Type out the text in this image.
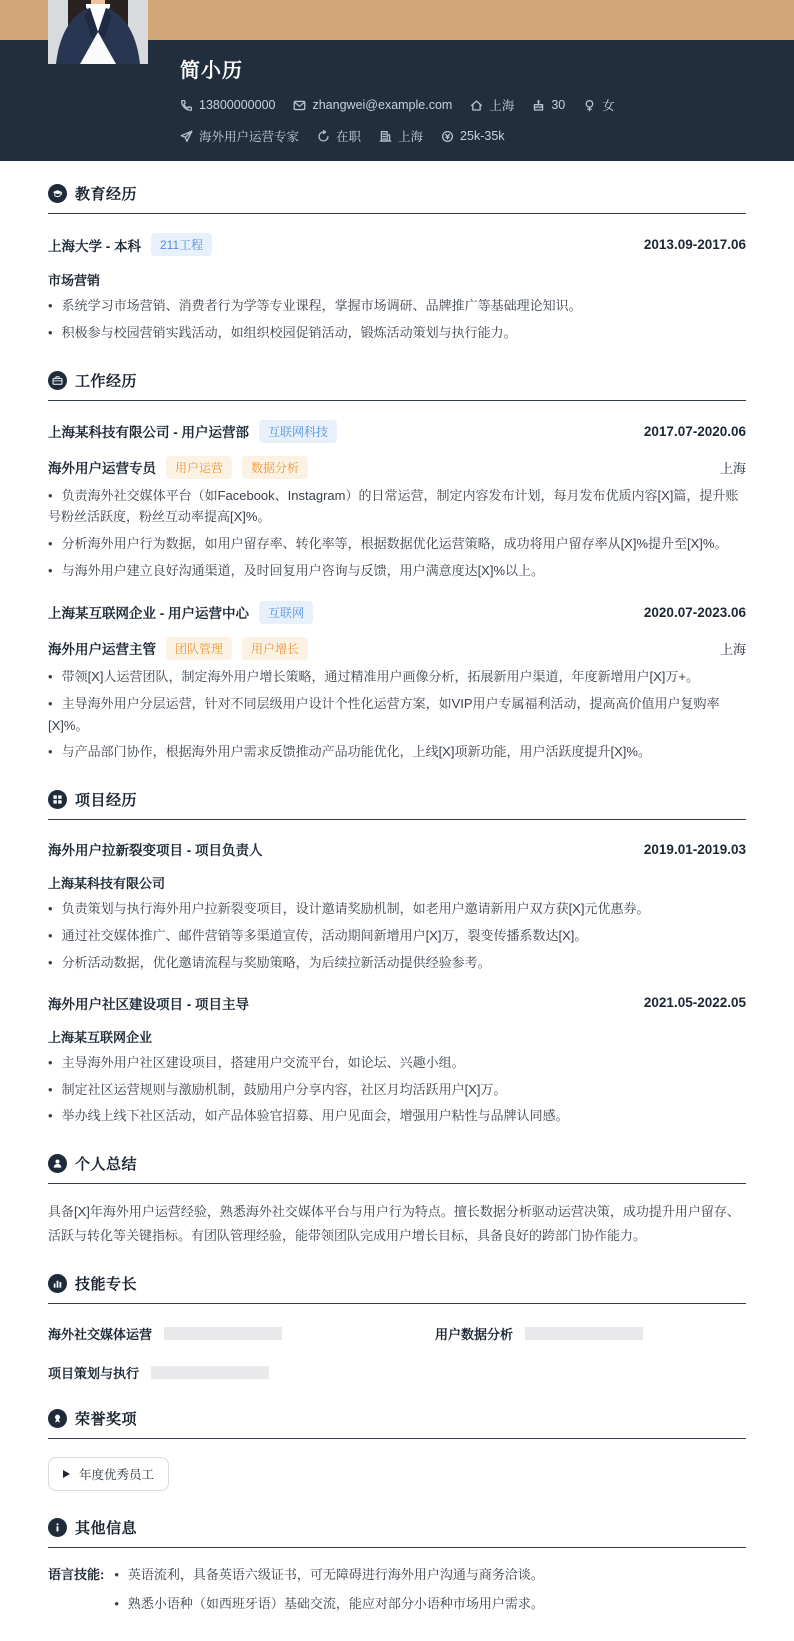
简小历
13800000000	zhangwei@example.com	上海	30	女
海外用户运营专家	在职	上海	25k-35k
教育经历
上海大学 - 本科	211工程	2013.09-2017.06
市场营销
• 系统学习市场营销、消费者行为学等专业课程，掌握市场调研、品牌推广等基础理论知识。
• 积极参与校园营销实践活动，如组织校园促销活动，锻炼活动策划与执行能力。
工作经历
上海某科技有限公司 - 用户运营部	互联网科技	2017.07-2020.06
海外用户运营专员	用户运营	数据分析	上海
• 负责海外社交媒体平台（如Facebook、Instagram）的日常运营，制定内容发布计划，每月发布优质内容[X]篇，提升账号粉丝活跃度，粉丝互动率提高[X]%。
• 分析海外用户行为数据，如用户留存率、转化率等，根据数据优化运营策略，成功将用户留存率从[X]%提升至[X]%。
• 与海外用户建立良好沟通渠道，及时回复用户咨询与反馈，用户满意度达[X]%以上。
上海某互联网企业 - 用户运营中心	互联网	2020.07-2023.06
海外用户运营主管	团队管理	用户增长	上海
• 带领[X]人运营团队，制定海外用户增长策略，通过精准用户画像分析，拓展新用户渠道，年度新增用户[X]万+。
• 主导海外用户分层运营，针对不同层级用户设计个性化运营方案，如VIP用户专属福利活动，提高高价值用户复购率[X]%。
• 与产品部门协作，根据海外用户需求反馈推动产品功能优化，上线[X]项新功能，用户活跃度提升[X]%。
项目经历
海外用户拉新裂变项目 - 项目负责人	2019.01-2019.03
上海某科技有限公司
• 负责策划与执行海外用户拉新裂变项目，设计邀请奖励机制，如老用户邀请新用户双方获[X]元优惠券。
• 通过社交媒体推广、邮件营销等多渠道宣传，活动期间新增用户[X]万，裂变传播系数达[X]。
• 分析活动数据，优化邀请流程与奖励策略，为后续拉新活动提供经验参考。
海外用户社区建设项目 - 项目主导	2021.05-2022.05
上海某互联网企业
• 主导海外用户社区建设项目，搭建用户交流平台，如论坛、兴趣小组。
• 制定社区运营规则与激励机制，鼓励用户分享内容，社区月均活跃用户[X]万。
• 举办线上线下社区活动，如产品体验官招募、用户见面会，增强用户粘性与品牌认同感。
个人总结

具备[X]年海外用户运营经验，熟悉海外社交媒体平台与用户行为特点。擅长数据分析驱动运营决策，成功提升用户留存、活跃与转化等关键指标。有团队管理经验，能带领团队完成用户增长目标，具备良好的跨部门协作能力。

技能专长
海外社交媒体运营	用户数据分析
项目策划与执行
荣誉奖项
年度优秀员工
其他信息
语言技能:	• 英语流利，具备英语六级证书，可无障碍进行海外用户沟通与商务洽谈。
• 熟悉小语种（如西班牙语）基础交流，能应对部分小语种市场用户需求。
